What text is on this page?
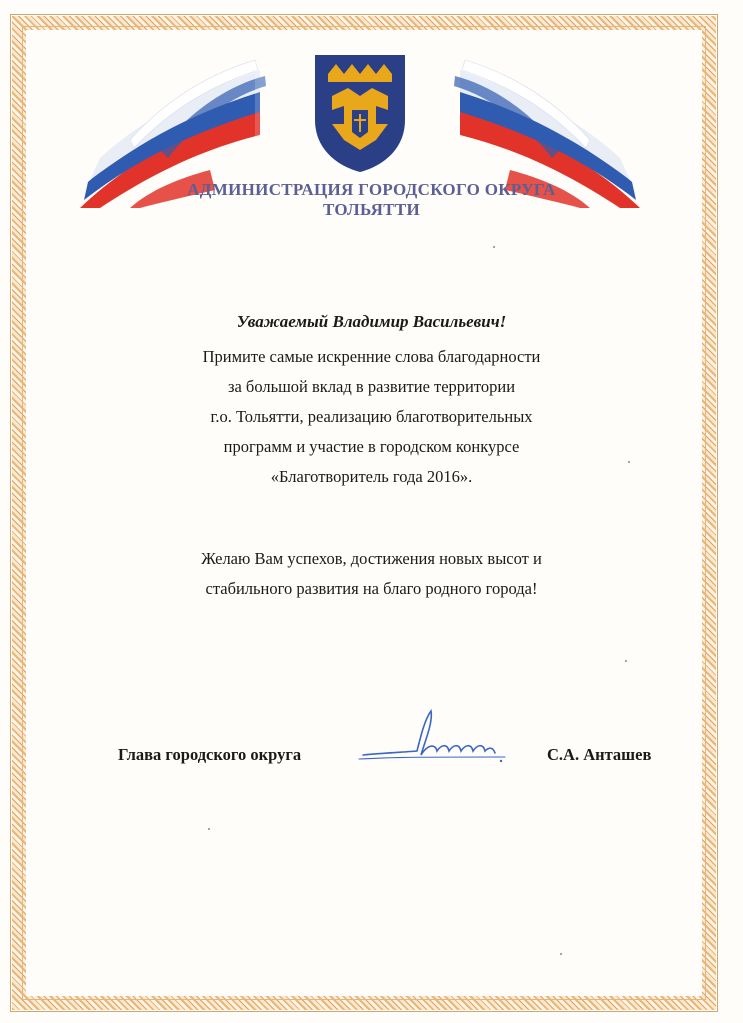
АДМИНИСТРАЦИЯ ГОРОДСКОГО ОКРУГА
ТОЛЬЯТТИ
Уважаемый Владимир Васильевич!
Примите самые искренние слова благодарности
за большой вклад в развитие территории
г.о. Тольятти, реализацию благотворительных
программ и участие в городском конкурсе
«Благотворитель года 2016».
Желаю Вам успехов, достижения новых высот и
стабильного развития на благо родного города!
Глава городского округа	С.А. Анташев
